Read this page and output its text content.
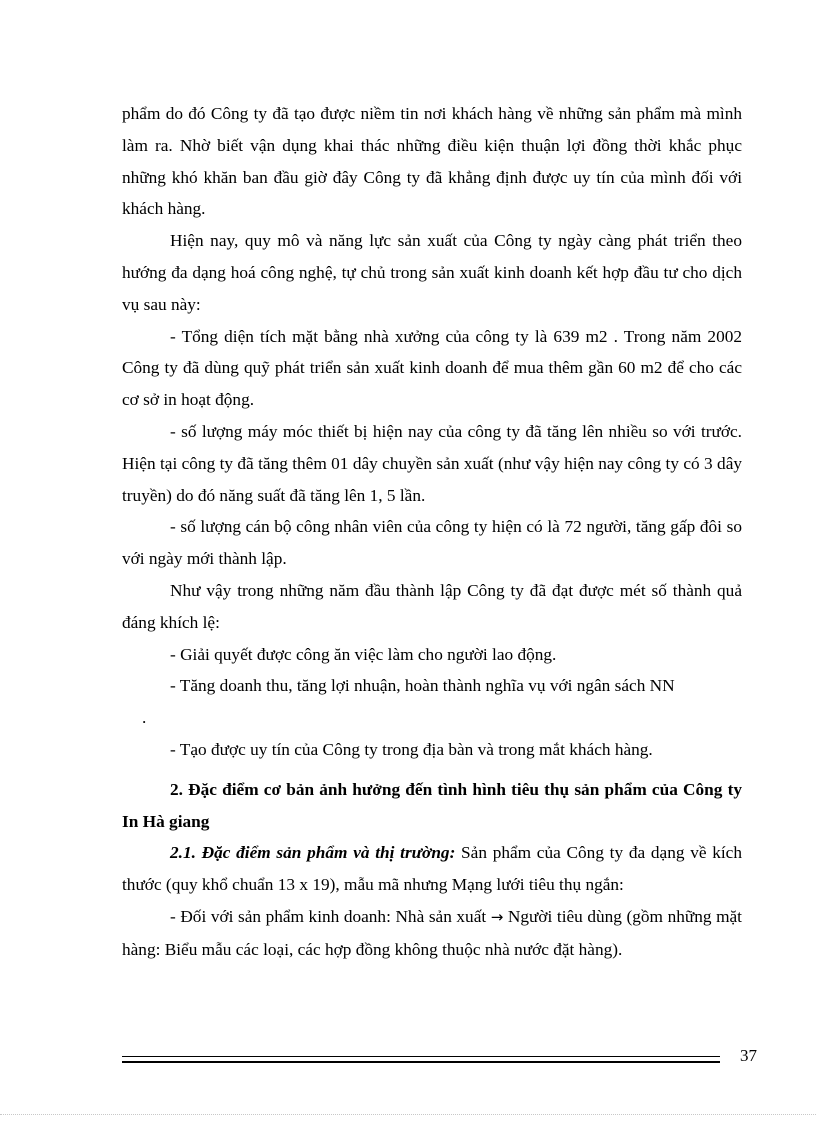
phẩm do đó Công ty đã tạo được niềm tin nơi khách hàng về những sản phẩm mà mình làm ra. Nhờ biết vận dụng khai thác những điều kiện thuận lợi đồng thời khắc phục những khó khăn ban đầu giờ đây Công ty đã khẳng định được uy tín của mình đối với khách hàng.

Hiện nay, quy mô và năng lực sản xuất của Công ty ngày càng phát triển theo hướng đa dạng hoá công nghệ, tự chủ trong sản xuất kinh doanh kết hợp đầu tư cho dịch vụ sau này:

- Tổng diện tích mặt bằng nhà xưởng của công ty là 639 m2 . Trong năm 2002 Công ty đã dùng quỹ phát triển sản xuất kinh doanh để mua thêm gần 60 m2 để cho các cơ sở in hoạt động.

- số lượng máy móc thiết bị hiện nay của công ty đã tăng lên nhiều so với trước. Hiện tại công ty đã tăng thêm 01 dây chuyền sản xuất (như vậy hiện nay công ty có 3 dây truyền) do đó năng suất đã tăng lên 1, 5 lần.

- số lượng cán bộ công nhân viên của công ty hiện có là 72 người, tăng gấp đôi so với ngày mới thành lập.

Như vậy trong những năm đầu thành lập Công ty đã đạt được mét số thành quả đáng khích lệ:

- Giải quyết được công ăn việc làm cho người lao động.

- Tăng doanh thu, tăng lợi nhuận, hoàn thành nghĩa vụ với ngân sách NN

.

- Tạo được uy tín của Công ty trong địa bàn và trong mắt khách hàng.

2. Đặc điểm cơ bản ảnh hưởng đến tình hình tiêu thụ sản phẩm của Công ty In Hà giang

2.1. Đặc điểm sản phẩm và thị trường: Sản phẩm của Công ty đa dạng về kích thước (quy khổ chuẩn 13 x 19), mẫu mã nhưng Mạng lưới tiêu thụ ngắn:

- Đối với sản phẩm kinh doanh: Nhà sản xuất → Người tiêu dùng (gồm những mặt hàng: Biểu mẫu các loại, các hợp đồng không thuộc nhà nước đặt hàng).

37
